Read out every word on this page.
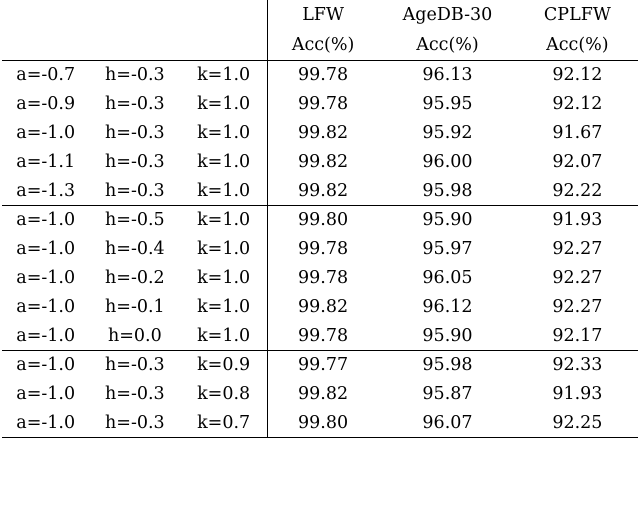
			LFW	AgeDB-30	CPLFW
			Acc(%)	Acc(%)	Acc(%)
a=-0.7	h=-0.3	k=1.0	99.78	96.13	92.12
a=-0.9	h=-0.3	k=1.0	99.78	95.95	92.12
a=-1.0	h=-0.3	k=1.0	99.82	95.92	91.67
a=-1.1	h=-0.3	k=1.0	99.82	96.00	92.07
a=-1.3	h=-0.3	k=1.0	99.82	95.98	92.22
a=-1.0	h=-0.5	k=1.0	99.80	95.90	91.93
a=-1.0	h=-0.4	k=1.0	99.78	95.97	92.27
a=-1.0	h=-0.2	k=1.0	99.78	96.05	92.27
a=-1.0	h=-0.1	k=1.0	99.82	96.12	92.27
a=-1.0	h=0.0	k=1.0	99.78	95.90	92.17
a=-1.0	h=-0.3	k=0.9	99.77	95.98	92.33
a=-1.0	h=-0.3	k=0.8	99.82	95.87	91.93
a=-1.0	h=-0.3	k=0.7	99.80	96.07	92.25
